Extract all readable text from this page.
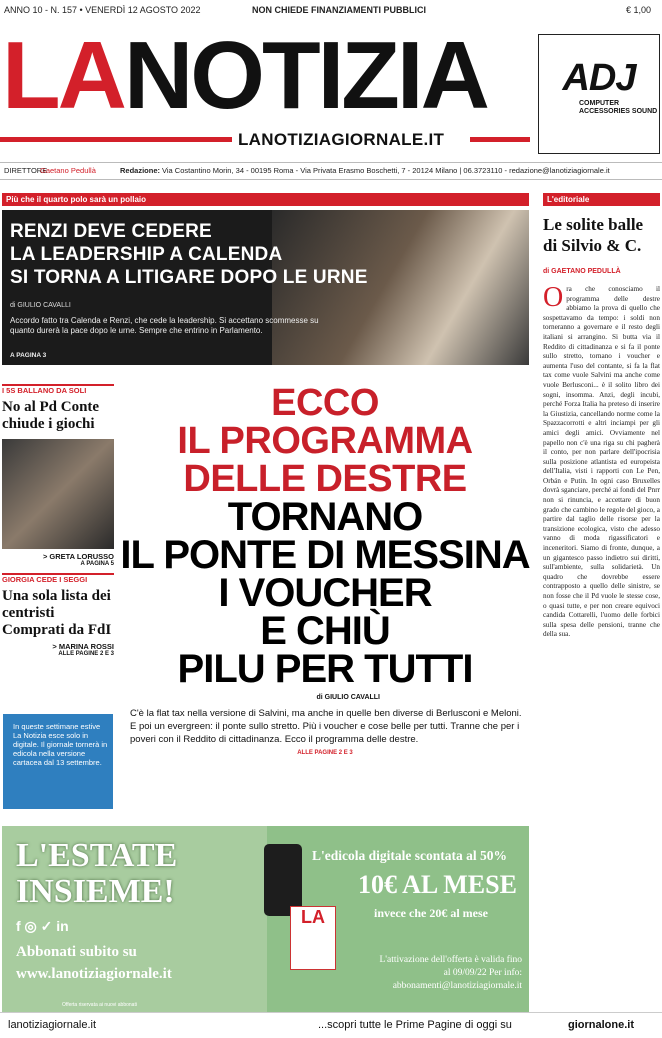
ANNO 10 - N. 157 • VENERDÌ 12 AGOSTO 2022	NON CHIEDE FINANZIAMENTI PUBBLICI	€ 1,00
LANOTIZIA
LANOTIZIAGIORNALE.IT
ADJ
COMPUTER ACCESSORIES SOUND
DIRETTORE
Gaetano Pedullà	Redazione: Via Costantino Morin, 34 - 00195 Roma - Via Privata Erasmo Boschetti, 7 - 20124 Milano | 06.3723110 - redazione@lanotiziagiornale.it
Più che il quarto polo sarà un pollaio
RENZI DEVE CEDERE
LA LEADERSHIP A CALENDA
SI TORNA A LITIGARE DOPO LE URNE
di GIULIO CAVALLI
Accordo fatto tra Calenda e Renzi, che cede la leadership. Si accettano scommesse su quanto durerà la pace dopo le urne. Sempre che entrino in Parlamento.
A PAGINA 3
I 5S BALLANO DA SOLI
No al Pd Conte chiude i giochi
> GRETA LORUSSO
A PAGINA 5
GIORGIA CEDE I SEGGI
Una sola lista dei centristi Comprati da FdI
> MARINA ROSSI
ALLE PAGINE 2 E 3
In queste settimane estive La Notizia esce solo in digitale. Il giornale tornerà in edicola nella versione cartacea dal 13 settembre.
ECCO
IL PROGRAMMA
DELLE DESTRE
TORNANO
IL PONTE DI MESSINA
I VOUCHER
E CHIÙ
PILU PER TUTTI
di GIULIO CAVALLI
C'è la flat tax nella versione di Salvini, ma anche in quelle ben diverse di Berlusconi e Meloni. E poi un evergreen: il ponte sullo stretto. Più i voucher e cose belle per tutti. Tranne che per i poveri con il Reddito di cittadinanza. Ecco il programma delle destre.
ALLE PAGINE 2 E 3
L'editoriale
Le solite balle di Silvio & C.
di GAETANO PEDULLÀ
Ora che conosciamo il programma delle destre abbiamo la prova di quello che sospettavamo da tempo: i soldi non torneranno a governare e il resto degli italiani si arrangino. Si butta via il Reddito di cittadinanza e si fa il ponte sullo stretto, tornano i voucher e aumenta l'uso del contante, si fa la flat tax come vuole Salvini ma anche come vuole Berlusconi... è il solito libro dei sogni, insomma. Anzi, degli incubi, perché Forza Italia ha preteso di inserire la Giustizia, cancellando norme come la Spazzacorrotti e altri inciampi per gli amici degli amici. Ovviamente nel papello non c'è una riga su chi pagherà il conto, per non parlare dell'ipocrisia sulla posizione atlantista ed europeista dell'Italia, visti i rapporti con Le Pen, Orbán e Putin. In ogni caso Bruxelles dovrà sganciare, perché ai fondi del Pnrr non si rinuncia, e accettare di buon grado che cambino le regole del gioco, a partire dal taglio delle risorse per la transizione ecologica, visto che adesso vanno di moda rigassificatori e inceneritori. Siamo di fronte, dunque, a un gigantesco passo indietro sui diritti, sull'ambiente, sulla solidarietà. Un quadro che dovrebbe essere contrapposto a quello delle sinistre, se non fosse che il Pd vuole le stesse cose, o quasi tutte, e per non creare equivoci candida Cottarelli, l'uomo delle forbici sulla spesa delle pensioni, tranne che della sua.
L'ESTATE INSIEME!
f ◎ ✓ in
Abbonati subito su
www.lanotiziagiornale.it
LA
L'edicola digitale scontata al 50%
10€ AL MESE
invece che 20€ al mese
L'attivazione dell'offerta è valida fino al 09/09/22 Per info: abbonamenti@lanotiziagiornale.it
Offerta riservata ai nuovi abbonati
lanotiziagiornale.it	...scopri tutte le Prime Pagine di oggi su	giornalone.it
